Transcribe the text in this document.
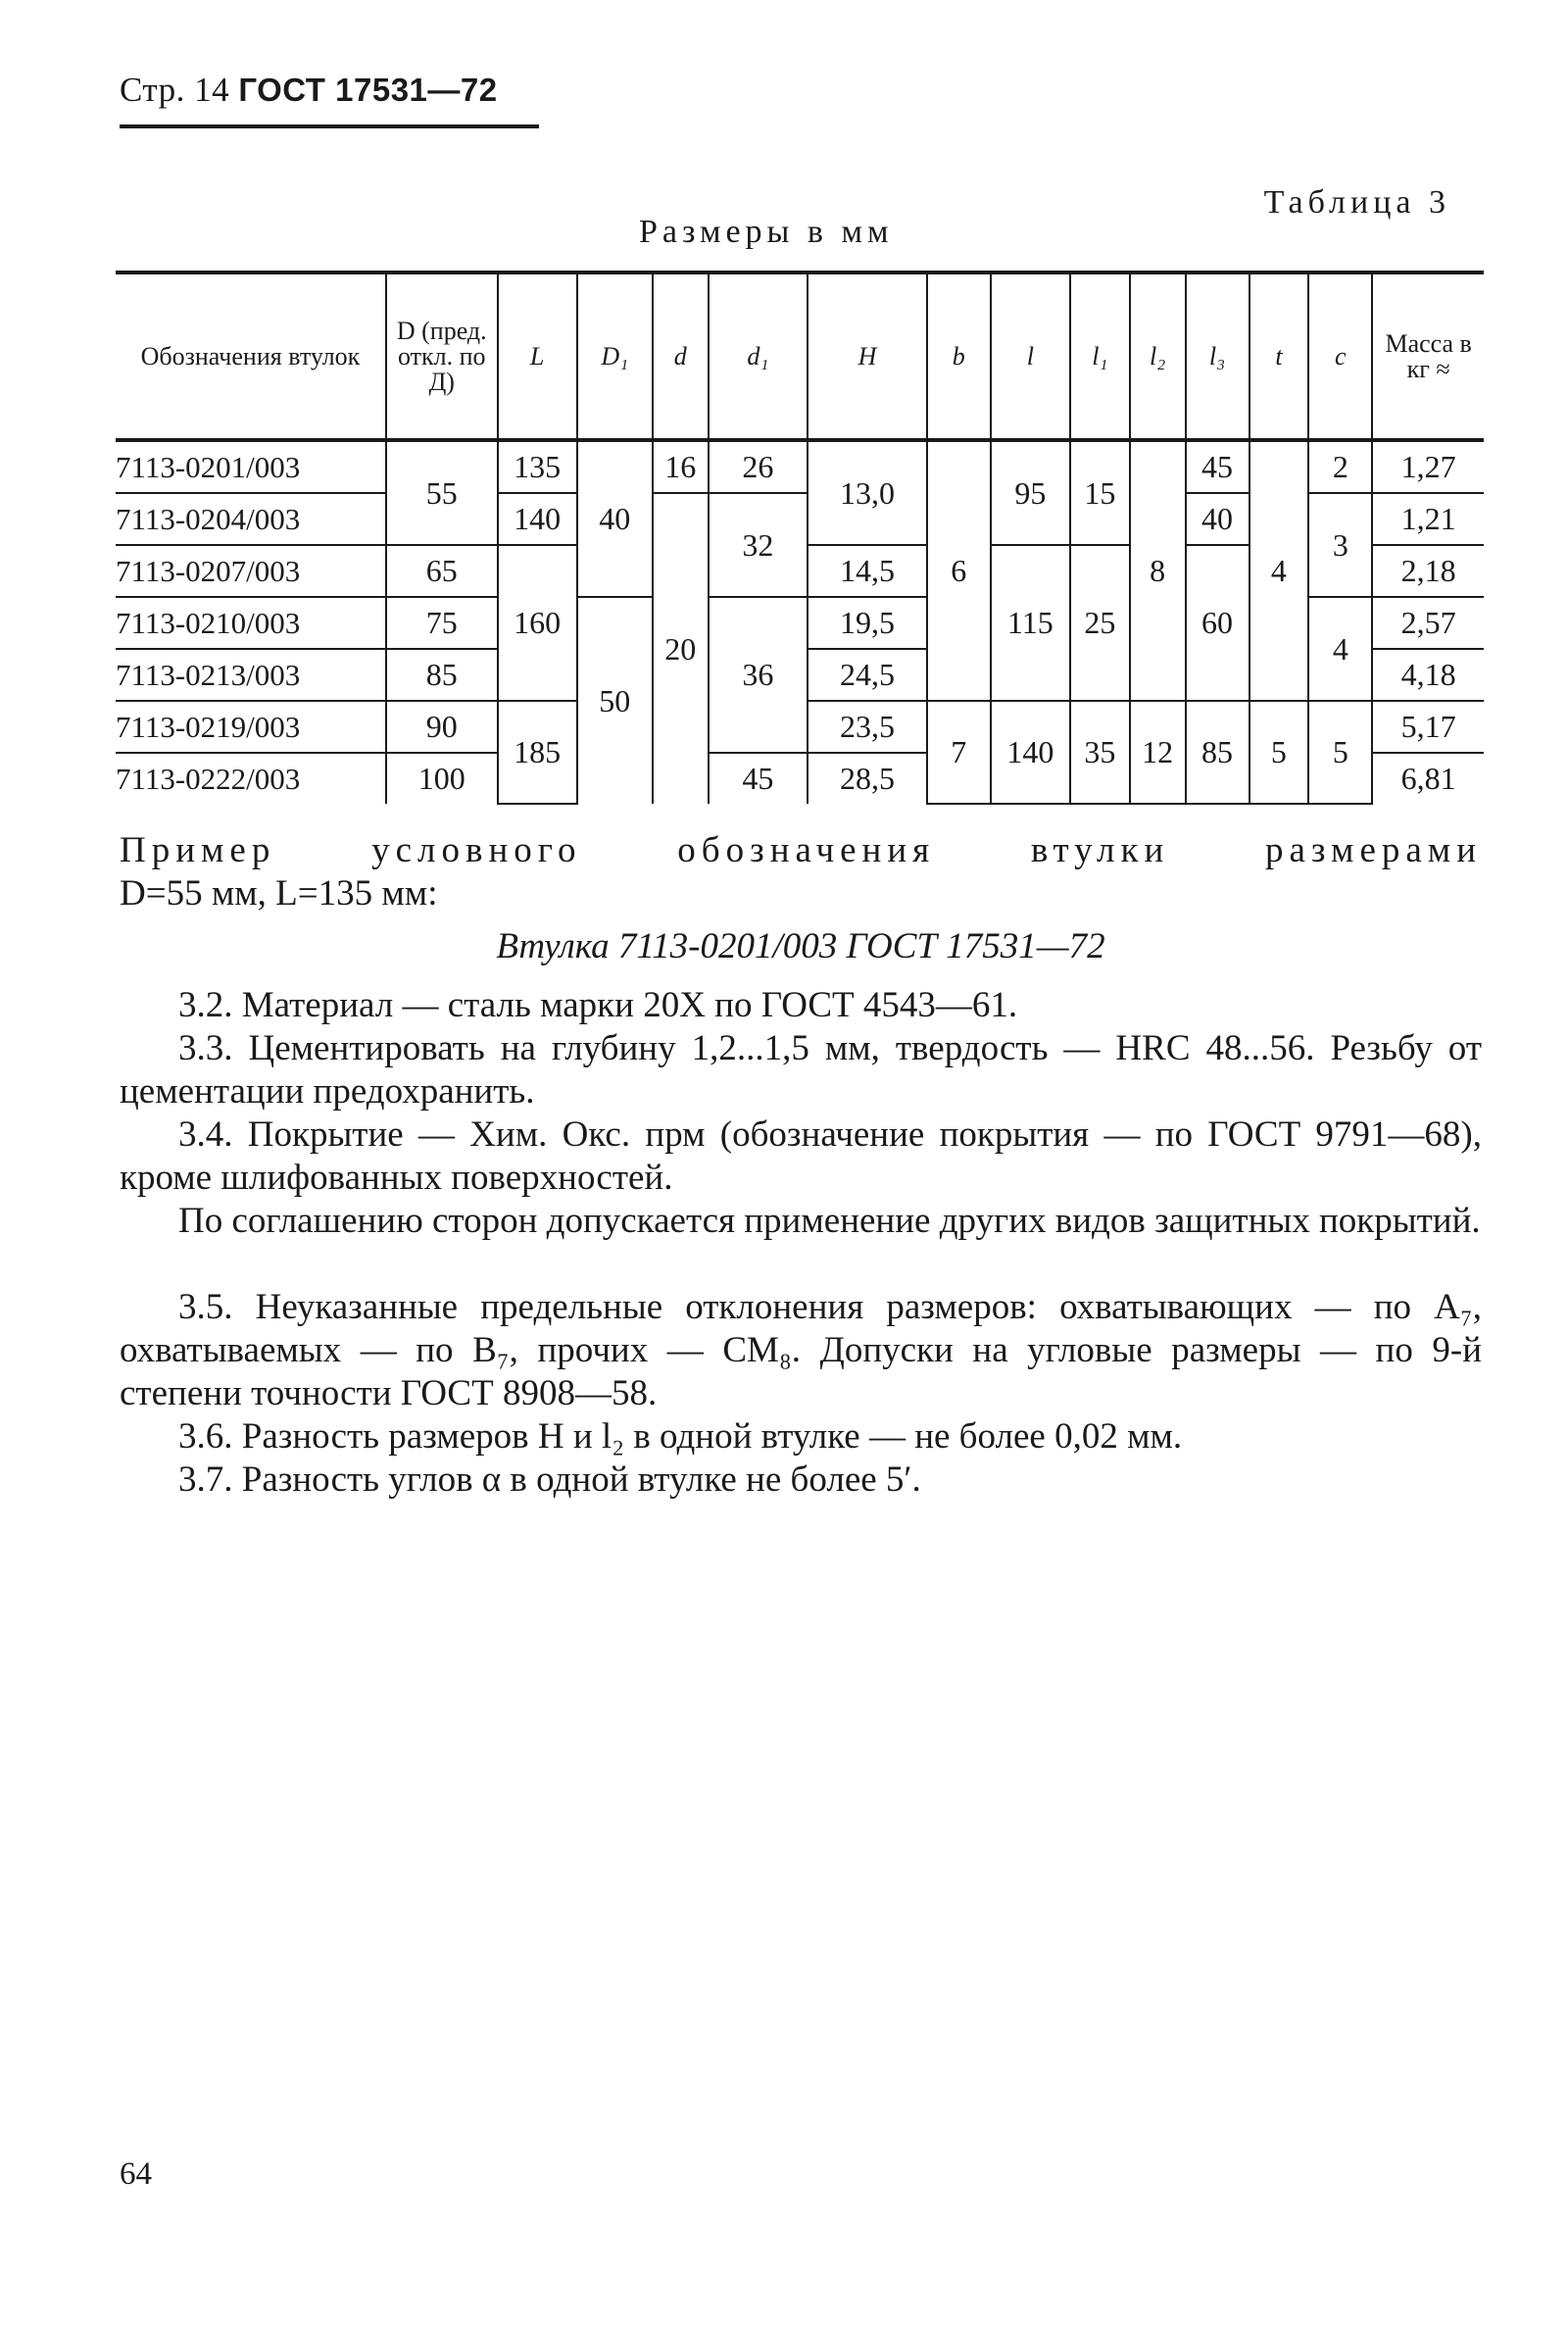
Стр. 14 ГОСТ 17531—72
Таблица 3
Размеры в мм
Обозначения втулок	D (пред. откл. по Д)	L	D₁	d	d₁	H	b	l	l₁	l₂	l₃	t	c	Масса в кг ≈
7113-0201/003	55	135	40	16	26	13,0	6	95	15	8	45	4	2	1,27
7113-0204/003		140		20	32						40		3	1,21
7113-0207/003	65	160				14,5		115	25		60			2,18
7113-0210/003	75		50		36	19,5							4	2,57
7113-0213/003	85					24,5								4,18
7113-0219/003	90	185				23,5	7	140	35	12	85	5	5	5,17
7113-0222/003	100				45	28,5								6,81
Пример условного обозначения втулки размерами
D=55 мм, L=135 мм:
Втулка 7113-0201/003 ГОСТ 17531—72
3.2. Материал — сталь марки 20Х по ГОСТ 4543—61.
3.3. Цементировать на глубину 1,2...1,5 мм, твердость — HRC 48...56. Резьбу от цементации предохранить.
3.4. Покрытие — Хим. Окс. прм (обозначение покрытия — по ГОСТ 9791—68), кроме шлифованных поверхностей.
По соглашению сторон допускается применение других видов защитных покрытий.
3.5. Неуказанные предельные отклонения размеров: охватывающих — по A₇, охватываемых — по B₇, прочих — CM₈. Допуски на угловые размеры — по 9-й степени точности ГОСТ 8908—58.
3.6. Разность размеров H и l₂ в одной втулке — не более 0,02 мм.
3.7. Разность углов α в одной втулке не более 5′.
64
